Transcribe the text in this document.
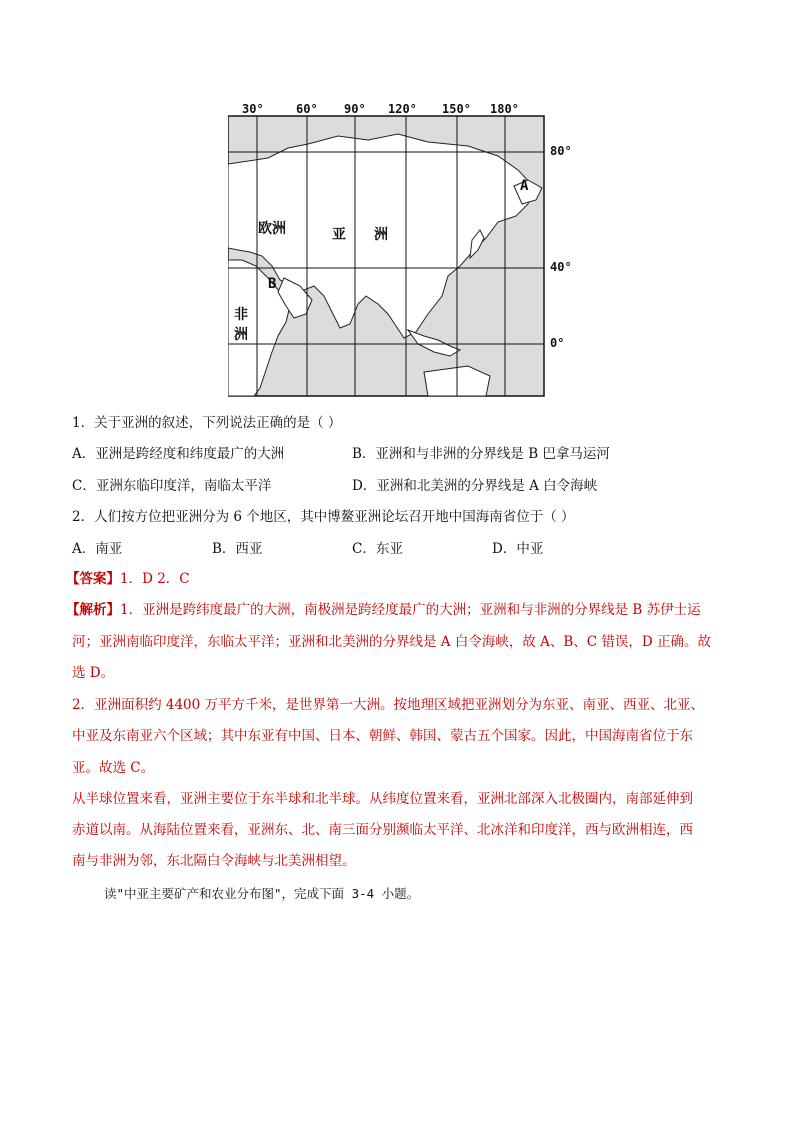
30°	60° 90° 120° 150° 180°
80°
40°
0°
欧洲	亚 洲
非
洲
A
B
1．关于亚洲的叙述，下列说法正确的是（ ）
A．亚洲是跨经度和纬度最广的大洲	B．亚洲和与非洲的分界线是 B 巴拿马运河
C．亚洲东临印度洋，南临太平洋	D．亚洲和北美洲的分界线是 A 白令海峡
2．人们按方位把亚洲分为 6 个地区，其中博鳌亚洲论坛召开地中国海南省位于（ ）
A．南亚	B．西亚	C．东亚	D．中亚
【答案】1．D 2．C
【解析】1．亚洲是跨纬度最广的大洲，南极洲是跨经度最广的大洲；亚洲和与非洲的分界线是 B 苏伊士运
河；亚洲南临印度洋，东临太平洋；亚洲和北美洲的分界线是 A 白令海峡，故 A、B、C 错误，D 正确。故
选 D。
2．亚洲面积约 4400 万平方千米，是世界第一大洲。按地理区域把亚洲划分为东亚、南亚、西亚、北亚、
中亚及东南亚六个区域；其中东亚有中国、日本、朝鲜、韩国、蒙古五个国家。因此，中国海南省位于东
亚。故选 C。
从半球位置来看，亚洲主要位于东半球和北半球。从纬度位置来看，亚洲北部深入北极圈内，南部延伸到
赤道以南。从海陆位置来看，亚洲东、北、南三面分别濒临太平洋、北冰洋和印度洋，西与欧洲相连，西
南与非洲为邻，东北隔白令海峡与北美洲相望。
读"中亚主要矿产和农业分布图"，完成下面 3-4 小题。
